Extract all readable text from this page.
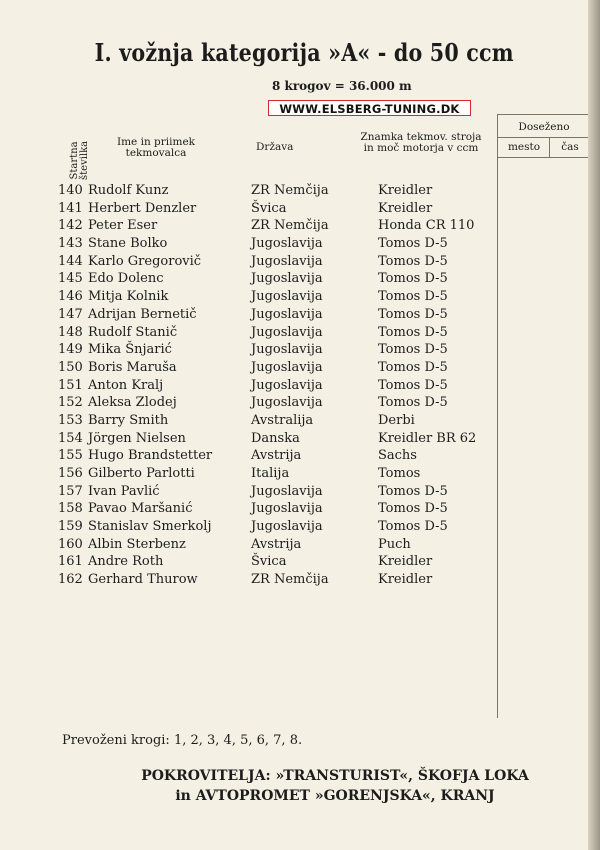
I. vožnja kategorija »A« - do 50 ccm
8 krogov = 36.000 m
WWW.ELSBERG-TUNING.DK
Startna
številka	Ime in priimek tekmovalca	Država
Znamka tekmov. stroja in moč motorja v ccm
Doseženo
mesto	čas
140 Rudolf Kunz	ZR Nemčija	Kreidler
141 Herbert Denzler	Švica	Kreidler
142 Peter Eser	ZR Nemčija	Honda CR 110
143 Stane Bolko	Jugoslavija	Tomos D-5
144 Karlo Gregorovič	Jugoslavija	Tomos D-5
145 Edo Dolenc	Jugoslavija	Tomos D-5
146 Mitja Kolnik	Jugoslavija	Tomos D-5
147 Adrijan Bernetič	Jugoslavija	Tomos D-5
148 Rudolf Stanič	Jugoslavija	Tomos D-5
149 Mika Šnjarić	Jugoslavija	Tomos D-5
150 Boris Maruša	Jugoslavija	Tomos D-5
151 Anton Kralj	Jugoslavija	Tomos D-5
152 Aleksa Zlodej	Jugoslavija	Tomos D-5
153 Barry Smith	Avstralija	Derbi
154 Jörgen Nielsen	Danska	Kreidler BR 62
155 Hugo Brandstetter	Avstrija	Sachs
156 Gilberto Parlotti	Italija	Tomos
157 Ivan Pavlić	Jugoslavija	Tomos D-5
158 Pavao Maršanić	Jugoslavija	Tomos D-5
159 Stanislav Smerkolj	Jugoslavija	Tomos D-5
160 Albin Sterbenz	Avstrija	Puch
161 Andre Roth	Švica	Kreidler
162 Gerhard Thurow	ZR Nemčija	Kreidler
Prevoženi krogi: 1, 2, 3, 4, 5, 6, 7, 8.
POKROVITELJA: »TRANSTURIST«, ŠKOFJA LOKA
in AVTOPROMET »GORENJSKA«, KRANJ
